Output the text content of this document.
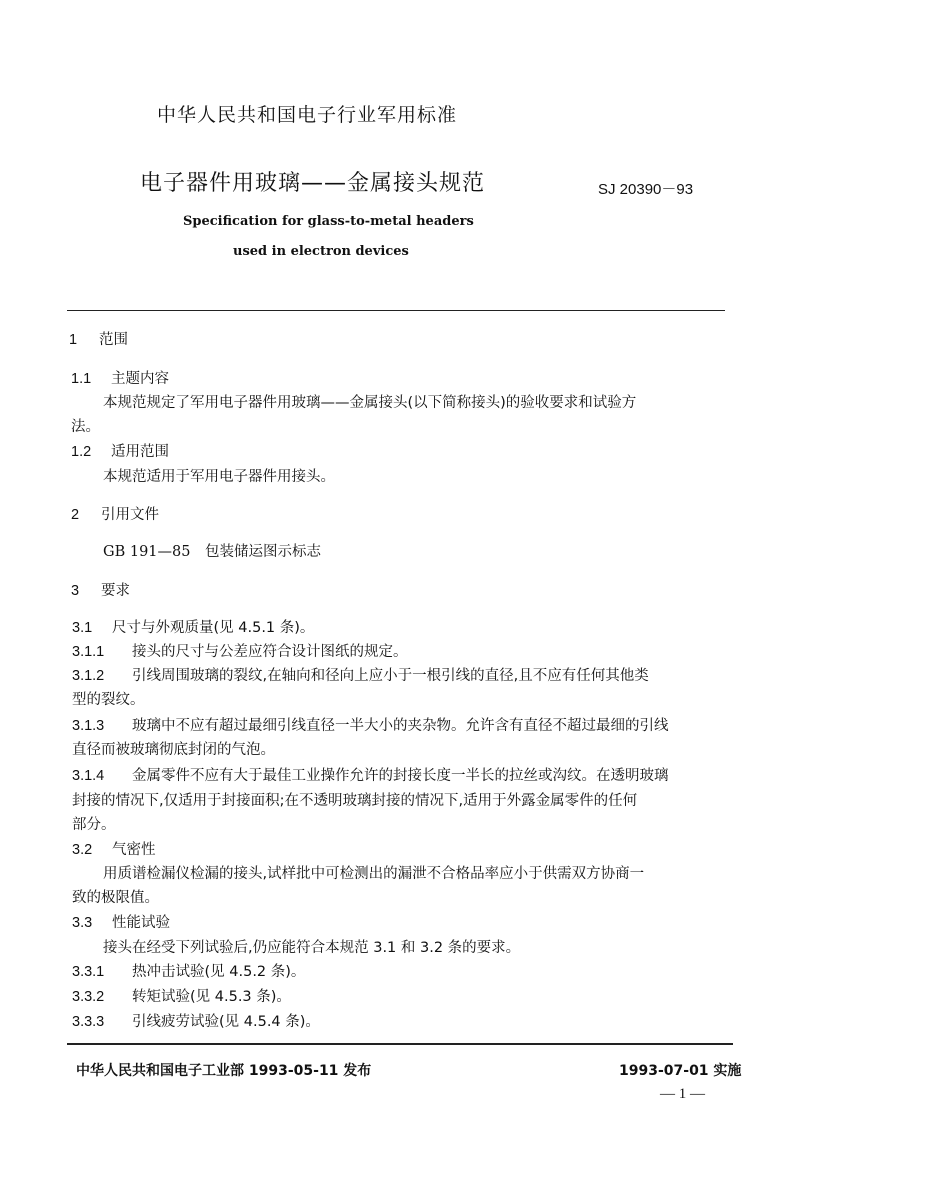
中华人民共和国电子行业军用标准
电子器件用玻璃——金属接头规范	SJ 20390－93
Specification for glass-to-metal headers
used in electron devices
1 范围
1.1 主题内容
本规范规定了军用电子器件用玻璃——金属接头(以下简称接头)的验收要求和试验方
法。
1.2 适用范围
本规范适用于军用电子器件用接头。
2 引用文件
GB 191—85　包装储运图示标志
3 要求
3.1 尺寸与外观质量(见 4.5.1 条)。
3.1.1 接头的尺寸与公差应符合设计图纸的规定。
3.1.2 引线周围玻璃的裂纹,在轴向和径向上应小于一根引线的直径,且不应有任何其他类
型的裂纹。
3.1.3 玻璃中不应有超过最细引线直径一半大小的夹杂物。允许含有直径不超过最细的引线
直径而被玻璃彻底封闭的气泡。
3.1.4 金属零件不应有大于最佳工业操作允许的封接长度一半长的拉丝或沟纹。在透明玻璃
封接的情况下,仅适用于封接面积;在不透明玻璃封接的情况下,适用于外露金属零件的任何
部分。
3.2 气密性
用质谱检漏仪检漏的接头,试样批中可检测出的漏泄不合格品率应小于供需双方协商一
致的极限值。
3.3 性能试验
接头在经受下列试验后,仍应能符合本规范 3.1 和 3.2 条的要求。
3.3.1 热冲击试验(见 4.5.2 条)。
3.3.2 转矩试验(见 4.5.3 条)。
3.3.3 引线疲劳试验(见 4.5.4 条)。
中华人民共和国电子工业部 1993-05-11 发布	1993-07-01 实施
— 1 —
